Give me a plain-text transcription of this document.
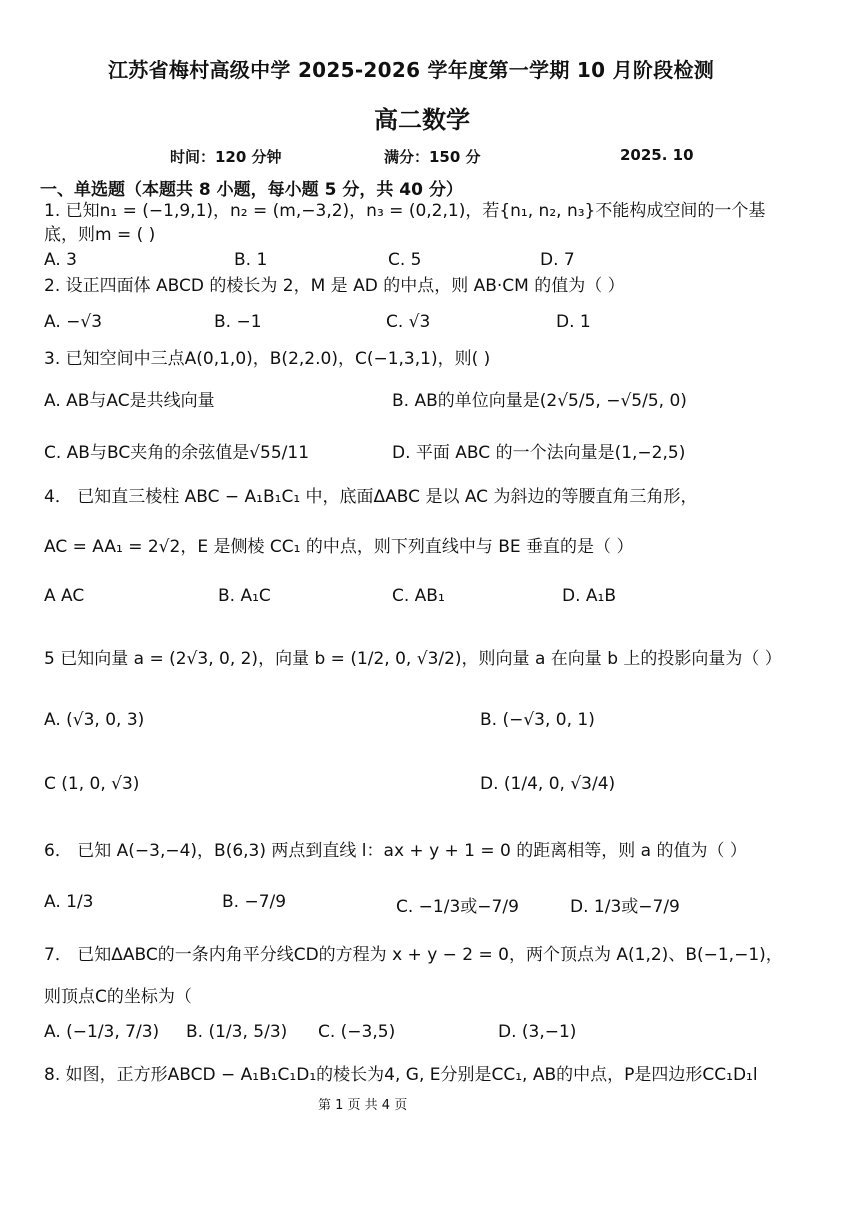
江苏省梅村高级中学 2025-2026 学年度第一学期 10 月阶段检测
高二数学
时间：120 分钟	满分：150 分	2025. 10
一、单选题（本题共 8 小题，每小题 5 分，共 40 分）
1. 已知n₁ = (−1,9,1)，n₂ = (m,−3,2)，n₃ = (0,2,1)，若{n₁, n₂, n₃}不能构成空间的一个基
底，则m = ( )
A. 3	B. 1	C. 5	D. 7
2. 设正四面体 ABCD 的棱长为 2，M 是 AD 的中点，则 AB·CM 的值为（ ）
A. −√3	B. −1	C. √3	D. 1
3. 已知空间中三点A(0,1,0)，B(2,2.0)，C(−1,3,1)，则( )
A. AB与AC是共线向量	B. AB的单位向量是(2√5/5, −√5/5, 0)
C. AB与BC夹角的余弦值是√55/11	D. 平面 ABC 的一个法向量是(1,−2,5)
4． 已知直三棱柱 ABC − A₁B₁C₁ 中，底面ΔABC 是以 AC 为斜边的等腰直角三角形，
AC = AA₁ = 2√2，E 是侧棱 CC₁ 的中点，则下列直线中与 BE 垂直的是（ ）
A AC	B. A₁C	C. AB₁	D. A₁B
5 已知向量 a = (2√3, 0, 2)，向量 b = (1/2, 0, √3/2)，则向量 a 在向量 b 上的投影向量为（ ）
A. (√3, 0, 3)	B. (−√3, 0, 1)
C (1, 0, √3)	D. (1/4, 0, √3/4)
6． 已知 A(−3,−4)，B(6,3) 两点到直线 l：ax + y + 1 = 0 的距离相等，则 a 的值为（ ）
A. 1/3	B. −7/9	C. −1/3或−7/9	D. 1/3或−7/9
7． 已知ΔABC的一条内角平分线CD的方程为 x + y − 2 = 0，两个顶点为 A(1,2)、B(−1,−1)，
则顶点C的坐标为（
A. (−1/3, 7/3) B. (1/3, 5/3) C. (−3,5)	D. (3,−1)
8. 如图，正方形ABCD − A₁B₁C₁D₁的棱长为4, G, E分别是CC₁, AB的中点，P是四边形CC₁D₁l
第 1 页 共 4 页
